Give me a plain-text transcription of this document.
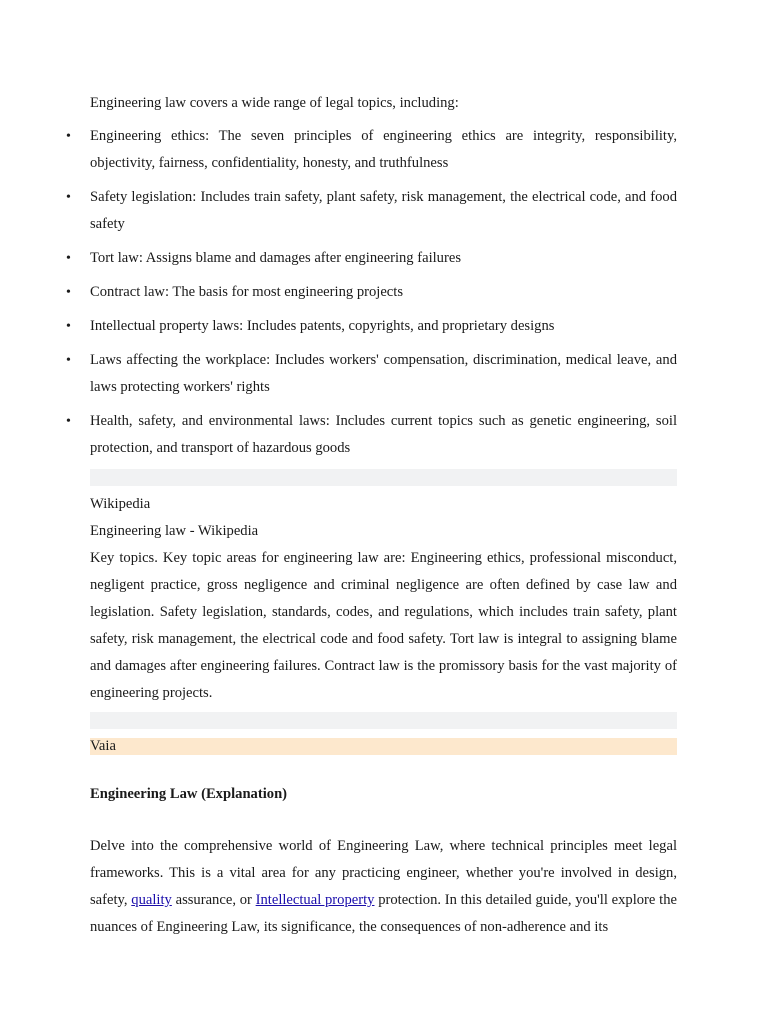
Engineering law covers a wide range of legal topics, including:

• Engineering ethics: The seven principles of engineering ethics are integrity, responsibility, objectivity, fairness, confidentiality, honesty, and truthfulness
• Safety legislation: Includes train safety, plant safety, risk management, the electrical code, and food safety
• Tort law: Assigns blame and damages after engineering failures
• Contract law: The basis for most engineering projects
• Intellectual property laws: Includes patents, copyrights, and proprietary designs
• Laws affecting the workplace: Includes workers' compensation, discrimination, medical leave, and laws protecting workers' rights
• Health, safety, and environmental laws: Includes current topics such as genetic engineering, soil protection, and transport of hazardous goods
Wikipedia
Engineering law - Wikipedia
Key topics. Key topic areas for engineering law are: Engineering ethics, professional misconduct, negligent practice, gross negligence and criminal negligence are often defined by case law and legislation. Safety legislation, standards, codes, and regulations, which includes train safety, plant safety, risk management, the electrical code and food safety. Tort law is integral to assigning blame and damages after engineering failures. Contract law is the promissory basis for the vast majority of engineering projects.
Vaia

Engineering Law (Explanation)

Delve into the comprehensive world of Engineering Law, where technical principles meet legal frameworks. This is a vital area for any practicing engineer, whether you're involved in design, safety, quality assurance, or Intellectual property protection. In this detailed guide, you'll explore the nuances of Engineering Law, its significance, the consequences of non-adherence and its
